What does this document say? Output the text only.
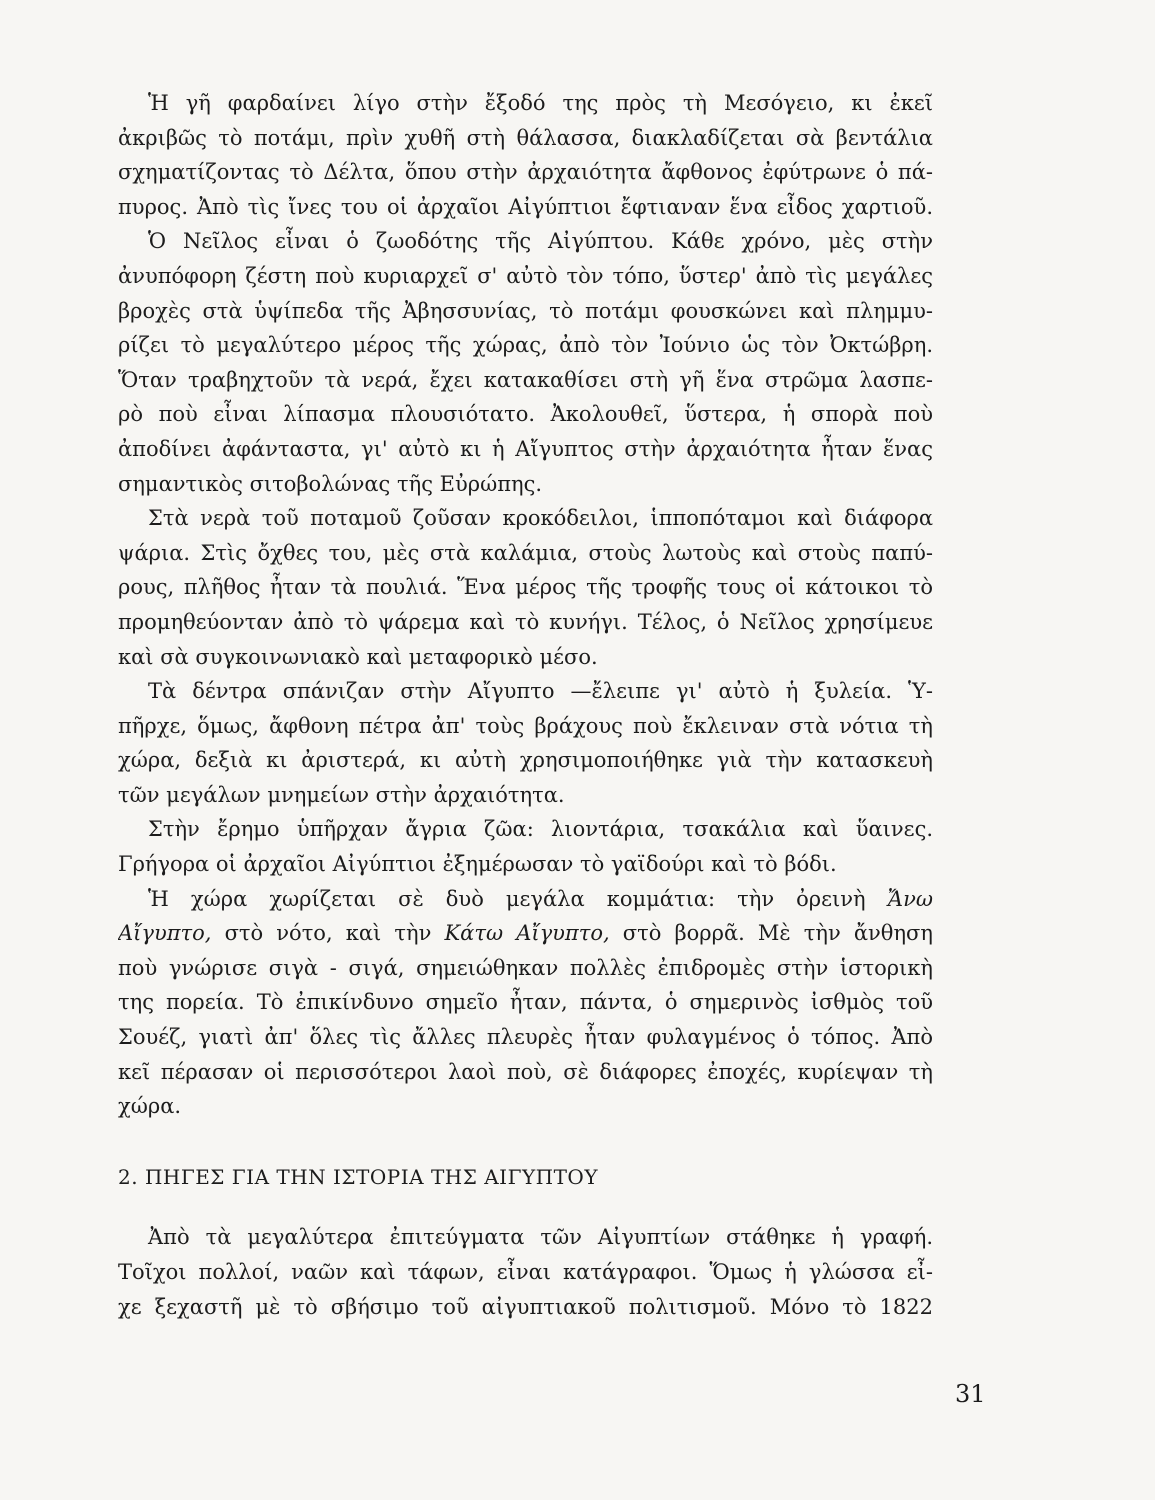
Ἡ γῆ φαρδαίνει λίγο στὴν ἔξοδό της πρὸς τὴ Μεσόγειο, κι ἐκεῖ
ἀκριβῶς τὸ ποτάμι, πρὶν χυθῆ στὴ θάλασσα, διακλαδίζεται σὰ βεντάλια
σχηματίζοντας τὸ Δέλτα, ὅπου στὴν ἀρχαιότητα ἄφθονος ἐφύτρωνε ὁ πά-
πυρος. Ἀπὸ τὶς ἴνες του οἱ ἀρχαῖοι Αἰγύπτιοι ἔφτιαναν ἕνα εἶδος χαρτιοῦ.
Ὁ Νεῖλος εἶναι ὁ ζωοδότης τῆς Αἰγύπτου. Κάθε χρόνο, μὲς στὴν
ἀνυπόφορη ζέστη ποὺ κυριαρχεῖ σ' αὐτὸ τὸν τόπο, ὕστερ' ἀπὸ τὶς μεγάλες
βροχὲς στὰ ὑψίπεδα τῆς Ἀβησσυνίας, τὸ ποτάμι φουσκώνει καὶ πλημμυ-
ρίζει τὸ μεγαλύτερο μέρος τῆς χώρας, ἀπὸ τὸν Ἰούνιο ὡς τὸν Ὀκτώβρη.
Ὅταν τραβηχτοῦν τὰ νερά, ἔχει κατακαθίσει στὴ γῆ ἕνα στρῶμα λασπε-
ρὸ ποὺ εἶναι λίπασμα πλουσιότατο. Ἀκολουθεῖ, ὕστερα, ἡ σπορὰ ποὺ
ἀποδίνει ἀφάνταστα, γι' αὐτὸ κι ἡ Αἴγυπτος στὴν ἀρχαιότητα ἦταν ἕνας
σημαντικὸς σιτοβολώνας τῆς Εὐρώπης.
Στὰ νερὰ τοῦ ποταμοῦ ζοῦσαν κροκόδειλοι, ἱπποπόταμοι καὶ διάφορα
ψάρια. Στὶς ὄχθες του, μὲς στὰ καλάμια, στοὺς λωτοὺς καὶ στοὺς παπύ-
ρους, πλῆθος ἦταν τὰ πουλιά. Ἕνα μέρος τῆς τροφῆς τους οἱ κάτοικοι τὸ
προμηθεύονταν ἀπὸ τὸ ψάρεμα καὶ τὸ κυνήγι. Τέλος, ὁ Νεῖλος χρησίμευε
καὶ σὰ συγκοινωνιακὸ καὶ μεταφορικὸ μέσο.
Τὰ δέντρα σπάνιζαν στὴν Αἴγυπτο —ἔλειπε γι' αὐτὸ ἡ ξυλεία. Ὑ-
πῆρχε, ὅμως, ἄφθονη πέτρα ἀπ' τοὺς βράχους ποὺ ἔκλειναν στὰ νότια τὴ
χώρα, δεξιὰ κι ἀριστερά, κι αὐτὴ χρησιμοποιήθηκε γιὰ τὴν κατασκευὴ
τῶν μεγάλων μνημείων στὴν ἀρχαιότητα.
Στὴν ἔρημο ὑπῆρχαν ἄγρια ζῶα: λιοντάρια, τσακάλια καὶ ὕαινες.
Γρήγορα οἱ ἀρχαῖοι Αἰγύπτιοι ἐξημέρωσαν τὸ γαϊδούρι καὶ τὸ βόδι.
Ἡ χώρα χωρίζεται σὲ δυὸ μεγάλα κομμάτια: τὴν ὀρεινὴ Ἄνω
Αἴγυπτο, στὸ νότο, καὶ τὴν Κάτω Αἴγυπτο, στὸ βορρᾶ. Μὲ τὴν ἄνθηση
ποὺ γνώρισε σιγὰ - σιγά, σημειώθηκαν πολλὲς ἐπιδρομὲς στὴν ἱστορικὴ
της πορεία. Τὸ ἐπικίνδυνο σημεῖο ἦταν, πάντα, ὁ σημερινὸς ἰσθμὸς τοῦ
Σουέζ, γιατὶ ἀπ' ὅλες τὶς ἄλλες πλευρὲς ἦταν φυλαγμένος ὁ τόπος. Ἀπὸ
κεῖ πέρασαν οἱ περισσότεροι λαοὶ ποὺ, σὲ διάφορες ἐποχές, κυρίεψαν τὴ
χώρα.
2. ΠΗΓΕΣ ΓΙΑ ΤΗΝ ΙΣΤΟΡΙΑ ΤΗΣ ΑΙΓΥΠΤΟΥ
Ἀπὸ τὰ μεγαλύτερα ἐπιτεύγματα τῶν Αἰγυπτίων στάθηκε ἡ γραφή.
Τοῖχοι πολλοί, ναῶν καὶ τάφων, εἶναι κατάγραφοι. Ὅμως ἡ γλώσσα εἶ-
χε ξεχαστῆ μὲ τὸ σβήσιμο τοῦ αἰγυπτιακοῦ πολιτισμοῦ. Μόνο τὸ 1822
31
